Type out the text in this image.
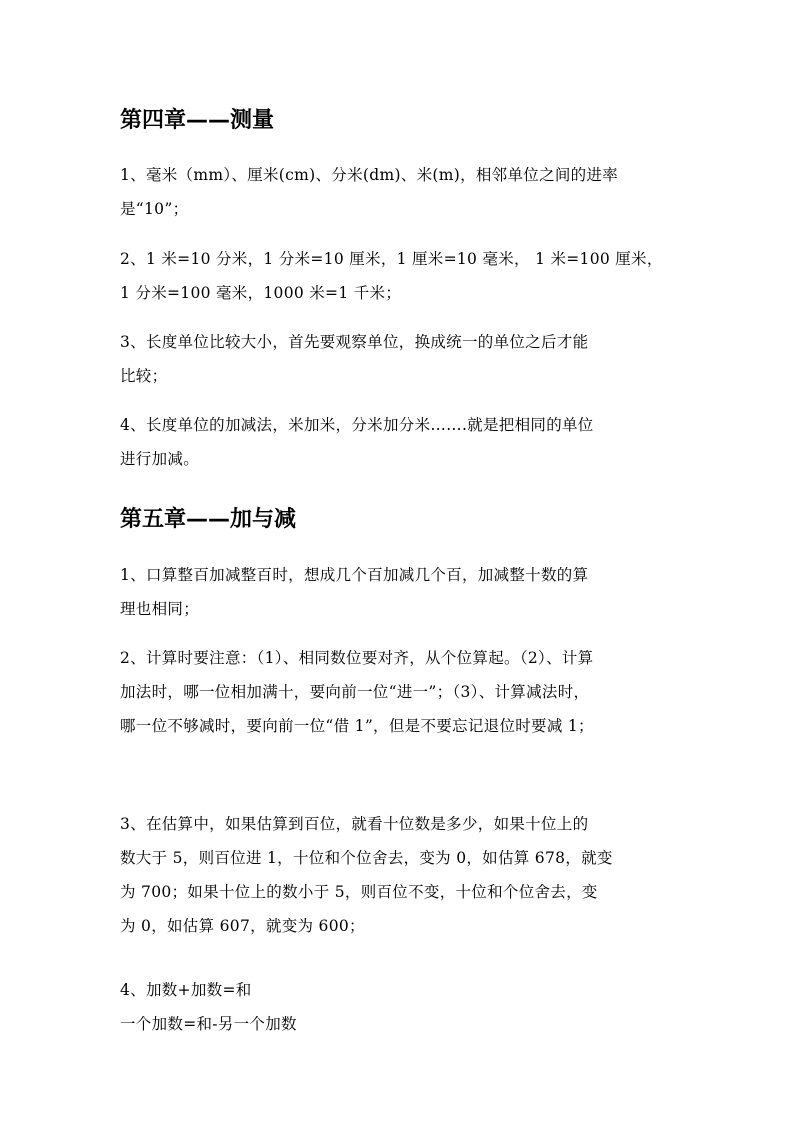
第四章——测量
1、毫米（mm）、厘米(cm)、分米(dm)、米(m)，相邻单位之间的进率
是“10”；
2、1 米=10 分米，1 分米=10 厘米，1 厘米=10 毫米， 1 米=100 厘米，
1 分米=100 毫米，1000 米=1 千米；
3、长度单位比较大小，首先要观察单位，换成统一的单位之后才能
比较；
4、长度单位的加减法，米加米，分米加分米…….就是把相同的单位
进行加减。
第五章——加与减
1、口算整百加减整百时，想成几个百加减几个百，加减整十数的算
理也相同；
2、计算时要注意：（1）、相同数位要对齐，从个位算起。（2）、计算
加法时，哪一位相加满十，要向前一位“进一”；（3）、计算减法时，
哪一位不够减时，要向前一位“借 1”，但是不要忘记退位时要减 1；
3、在估算中，如果估算到百位，就看十位数是多少，如果十位上的
数大于 5，则百位进 1，十位和个位舍去，变为 0，如估算 678，就变
为 700；如果十位上的数小于 5，则百位不变，十位和个位舍去，变
为 0，如估算 607，就变为 600；
4、加数+加数=和
一个加数=和-另一个加数
